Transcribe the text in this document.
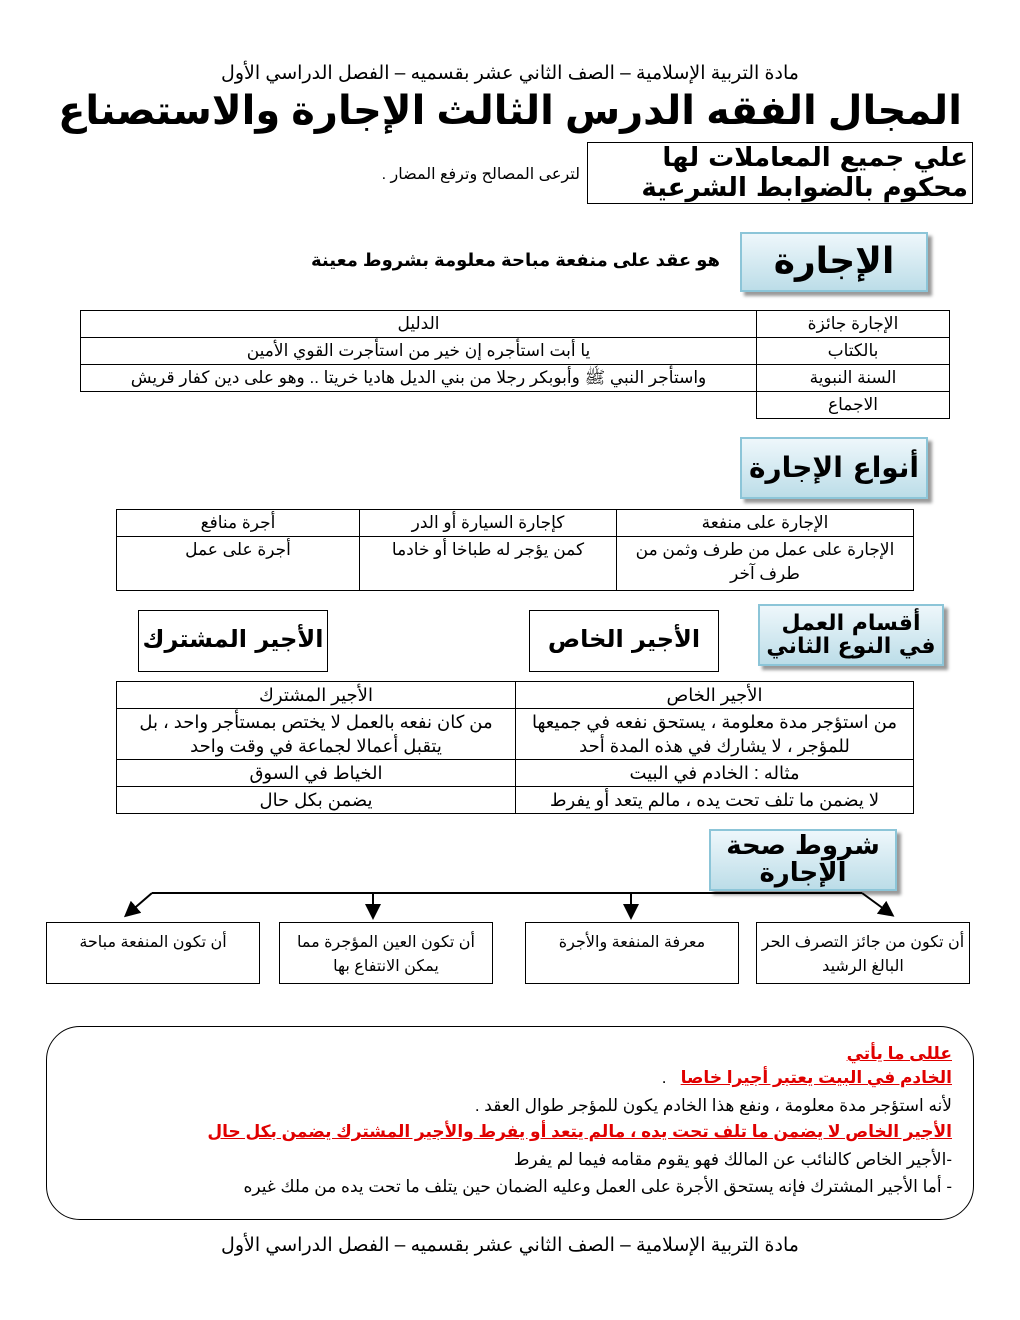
مادة التربية الإسلامية – الصف الثاني عشر بقسميه – الفصل الدراسي الأول
المجال الفقه الدرس الثالث الإجارة والاستصناع
علي جميع المعاملات لها محكوم بالضوابط الشرعية
لترعى المصالح وترفع المضار .
الإجارة
هو عقد على منفعة مباحة معلومة بشروط معينة
الإجارة جائزة	الدليل
بالكتاب	يا أبت استأجره إن خير من استأجرت القوي الأمين
السنة النبوية	واستأجر النبي ﷺ وأبوبكر رجلا من بني الديل هاديا خريتا .. وهو على دين كفار قريش
الاجماع	
أنواع الإجارة
الإجارة على منفعة	كإجارة السيارة أو الدر	أجرة منافع
الإجارة على عمل من طرف وثمن من طرف آخر	كمن يؤجر له طباخا أو خادما	أجرة على عمل
أقسام العمل في النوع الثاني
الأجير الخاص
الأجير المشترك
الأجير الخاص	الأجير المشترك
من استؤجر مدة معلومة ، يستحق نفعه في جميعها للمؤجر ، لا يشارك في هذه المدة أحد	من كان نفعه بالعمل لا يختص بمستأجر واحد ، بل يتقبل أعمالا لجماعة في وقت واحد
مثاله : الخادم في البيت	الخياط في السوق
لا يضمن ما تلف تحت يده ، مالم يتعد أو يفرط	يضمن بكل حال
شروط صحة الإجارة
أن تكون من جائز التصرف الحر البالغ الرشيد
معرفة المنفعة والأجرة
أن تكون العين المؤجرة مما يمكن الانتفاع بها
أن تكون المنفعة مباحة
عللى ما يأتي
الخادم في البيت يعتبر أجيرا خاصا   .
لأنه استؤجر مدة معلومة ، ونفع هذا الخادم يكون للمؤجر طوال العقد .
الأجير الخاص لا يضمن ما تلف تحت يده ، مالم يتعد أو يفرط والأجير المشترك يضمن بكل حال
-الأجير الخاص كالنائب عن المالك فهو يقوم مقامه فيما لم يفرط
- أما الأجير المشترك فإنه يستحق الأجرة على العمل وعليه الضمان حين يتلف ما تحت يده من ملك غيره
مادة التربية الإسلامية – الصف الثاني عشر بقسميه – الفصل الدراسي الأول
